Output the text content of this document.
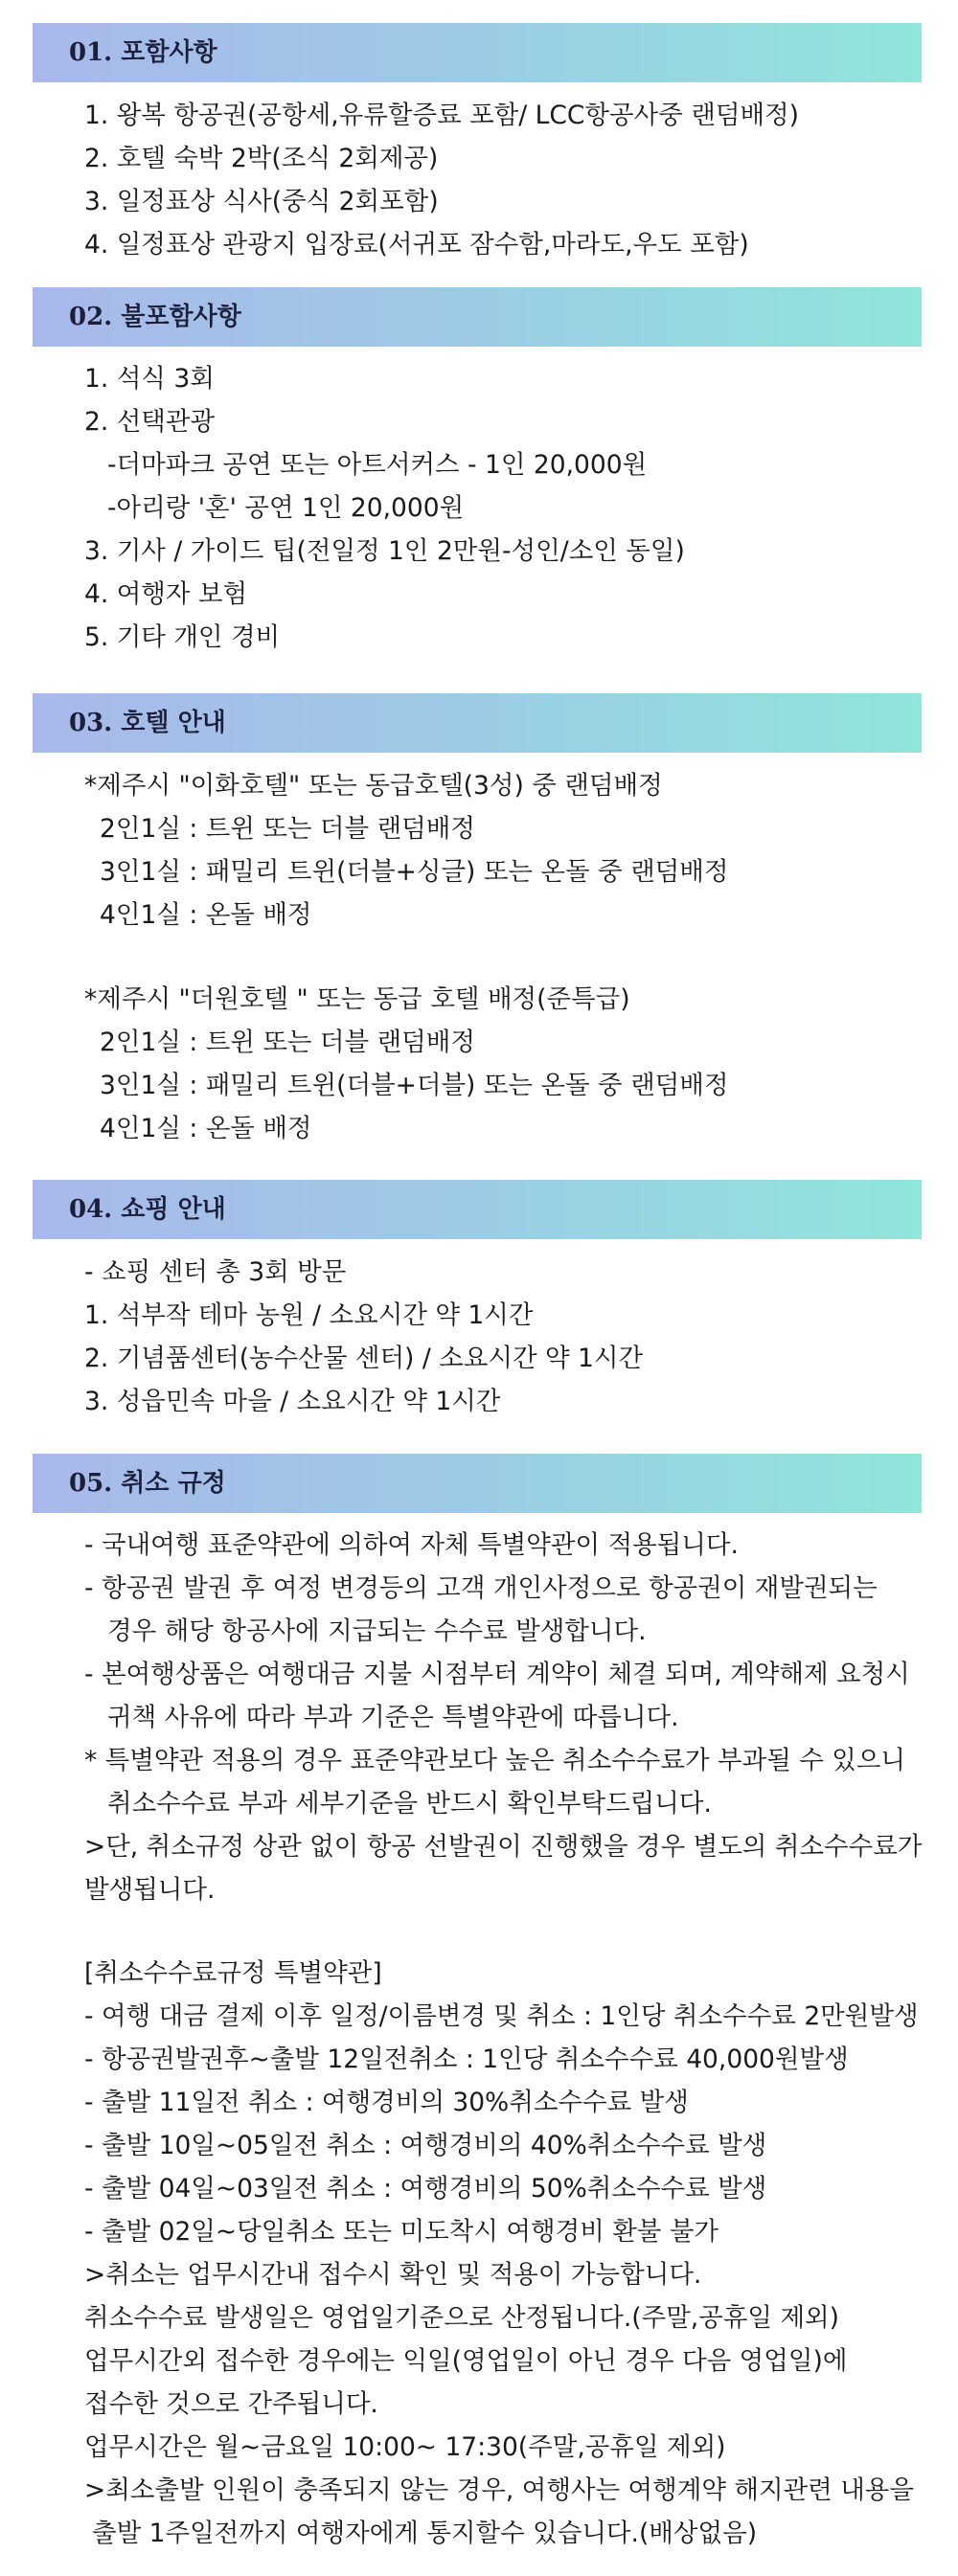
01. 포함사항
1. 왕복 항공권(공항세,유류할증료 포함/ LCC항공사중 랜덤배정)
2. 호텔 숙박 2박(조식 2회제공)
3. 일정표상 식사(중식 2회포함)
4. 일정표상 관광지 입장료(서귀포 잠수함,마라도,우도 포함)
02. 불포함사항
1. 석식 3회
2. 선택관광
-더마파크 공연 또는 아트서커스 - 1인 20,000원
-아리랑 '혼' 공연 1인 20,000원
3. 기사 / 가이드 팁(전일정 1인 2만원-성인/소인 동일)
4. 여행자 보험
5. 기타 개인 경비
03. 호텔 안내
*제주시 "이화호텔" 또는 동급호텔(3성) 중 랜덤배정
2인1실 : 트윈 또는 더블 랜덤배정
3인1실 : 패밀리 트윈(더블+싱글) 또는 온돌 중 랜덤배정
4인1실 : 온돌 배정
*제주시 "더원호텔 " 또는 동급 호텔 배정(준특급)
2인1실 : 트윈 또는 더블 랜덤배정
3인1실 : 패밀리 트윈(더블+더블) 또는 온돌 중 랜덤배정
4인1실 : 온돌 배정
04. 쇼핑 안내
- 쇼핑 센터 총 3회 방문
1. 석부작 테마 농원 / 소요시간 약 1시간
2. 기념품센터(농수산물 센터) / 소요시간 약 1시간
3. 성읍민속 마을 / 소요시간 약 1시간
05. 취소 규정
- 국내여행 표준약관에 의하여 자체 특별약관이 적용됩니다.
- 항공권 발권 후 여정 변경등의 고객 개인사정으로 항공권이 재발권되는
경우 해당 항공사에 지급되는 수수료 발생합니다.
- 본여행상품은 여행대금 지불 시점부터 계약이 체결 되며, 계약해제 요청시
귀책 사유에 따라 부과 기준은 특별약관에 따릅니다.
* 특별약관 적용의 경우 표준약관보다 높은 취소수수료가 부과될 수 있으니
취소수수료 부과 세부기준을 반드시 확인부탁드립니다.
>단, 취소규정 상관 없이 항공 선발권이 진행했을 경우 별도의 취소수수료가
발생됩니다.
[취소수수료규정 특별약관]
- 여행 대금 결제 이후 일정/이름변경 및 취소 : 1인당 취소수수료 2만원발생
- 항공권발권후~출발 12일전취소 : 1인당 취소수수료 40,000원발생
- 출발 11일전 취소 : 여행경비의 30%취소수수료 발생
- 출발 10일~05일전 취소 : 여행경비의 40%취소수수료 발생
- 출발 04일~03일전 취소 : 여행경비의 50%취소수수료 발생
- 출발 02일~당일취소 또는 미도착시 여행경비 환불 불가
>취소는 업무시간내 접수시 확인 및 적용이 가능합니다.
취소수수료 발생일은 영업일기준으로 산정됩니다.(주말,공휴일 제외)
업무시간외 접수한 경우에는 익일(영업일이 아닌 경우 다음 영업일)에
접수한 것으로 간주됩니다.
업무시간은 월~금요일 10:00~ 17:30(주말,공휴일 제외)
>최소출발 인원이 충족되지 않는 경우, 여행사는 여행계약 해지관련 내용을
출발 1주일전까지 여행자에게 통지할수 있습니다.(배상없음)
